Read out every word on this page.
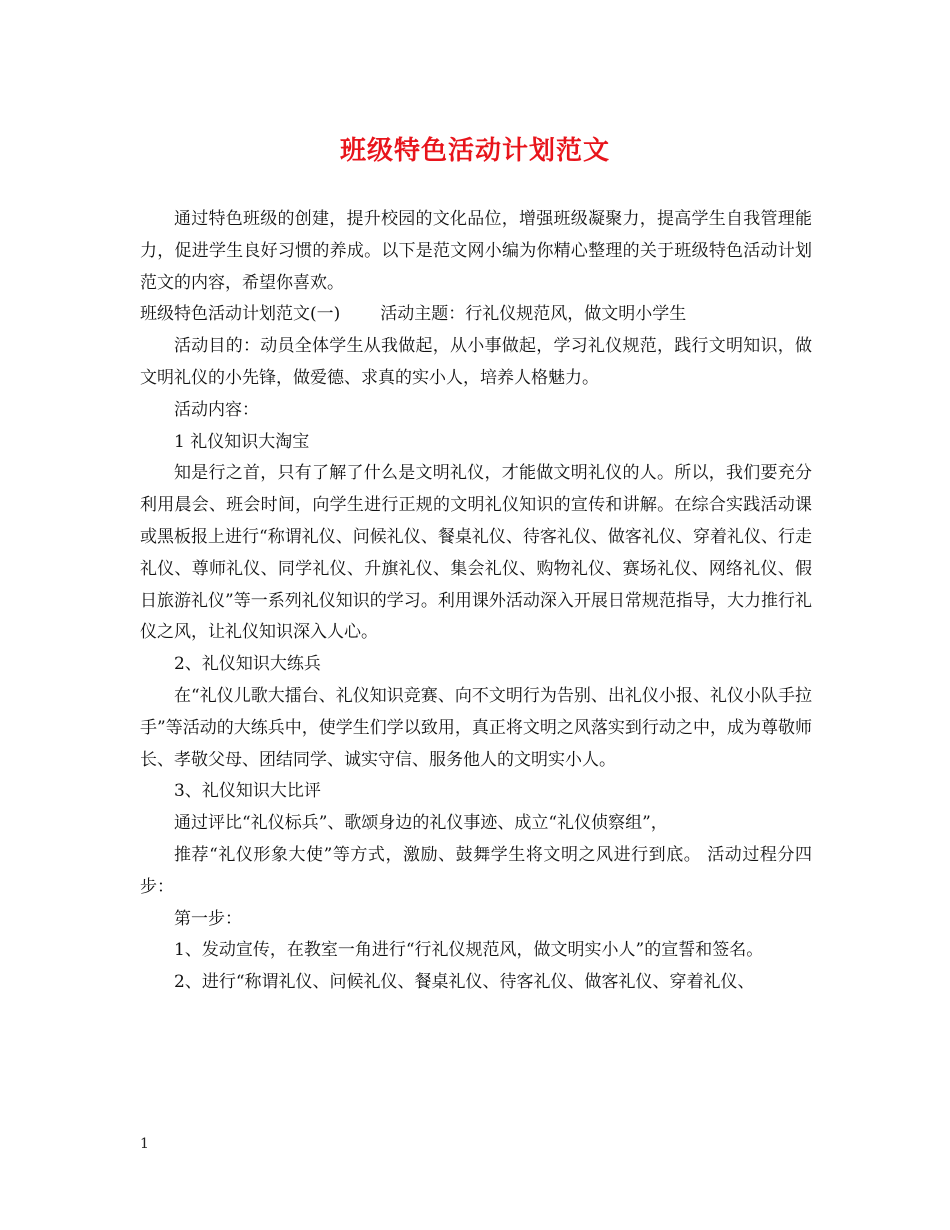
班级特色活动计划范文

通过特色班级的创建，提升校园的文化品位，增强班级凝聚力，提高学生自我管理能力，促进学生良好习惯的养成。以下是范文网小编为你精心整理的关于班级特色活动计划范文的内容，希望你喜欢。

班级特色活动计划范文(一) 活动主题：行礼仪规范风，做文明小学生

活动目的：动员全体学生从我做起，从小事做起，学习礼仪规范，践行文明知识，做文明礼仪的小先锋，做爱德、求真的实小人，培养人格魅力。

活动内容：

1 礼仪知识大淘宝

知是行之首，只有了解了什么是文明礼仪，才能做文明礼仪的人。所以，我们要充分利用晨会、班会时间，向学生进行正规的文明礼仪知识的宣传和讲解。在综合实践活动课或黑板报上进行“称谓礼仪、问候礼仪、餐桌礼仪、待客礼仪、做客礼仪、穿着礼仪、行走礼仪、尊师礼仪、同学礼仪、升旗礼仪、集会礼仪、购物礼仪、赛场礼仪、网络礼仪、假日旅游礼仪”等一系列礼仪知识的学习。利用课外活动深入开展日常规范指导，大力推行礼仪之风，让礼仪知识深入人心。

2、礼仪知识大练兵

在“礼仪儿歌大擂台、礼仪知识竞赛、向不文明行为告别、出礼仪小报、礼仪小队手拉手”等活动的大练兵中，使学生们学以致用，真正将文明之风落实到行动之中，成为尊敬师长、孝敬父母、团结同学、诚实守信、服务他人的文明实小人。

3、礼仪知识大比评

通过评比“礼仪标兵”、歌颂身边的礼仪事迹、成立“礼仪侦察组”，

推荐“礼仪形象大使”等方式，激励、鼓舞学生将文明之风进行到底。 活动过程分四步：

第一步：

1、发动宣传，在教室一角进行“行礼仪规范风，做文明实小人”的宣誓和签名。

2、进行“称谓礼仪、问候礼仪、餐桌礼仪、待客礼仪、做客礼仪、穿着礼仪、

1
